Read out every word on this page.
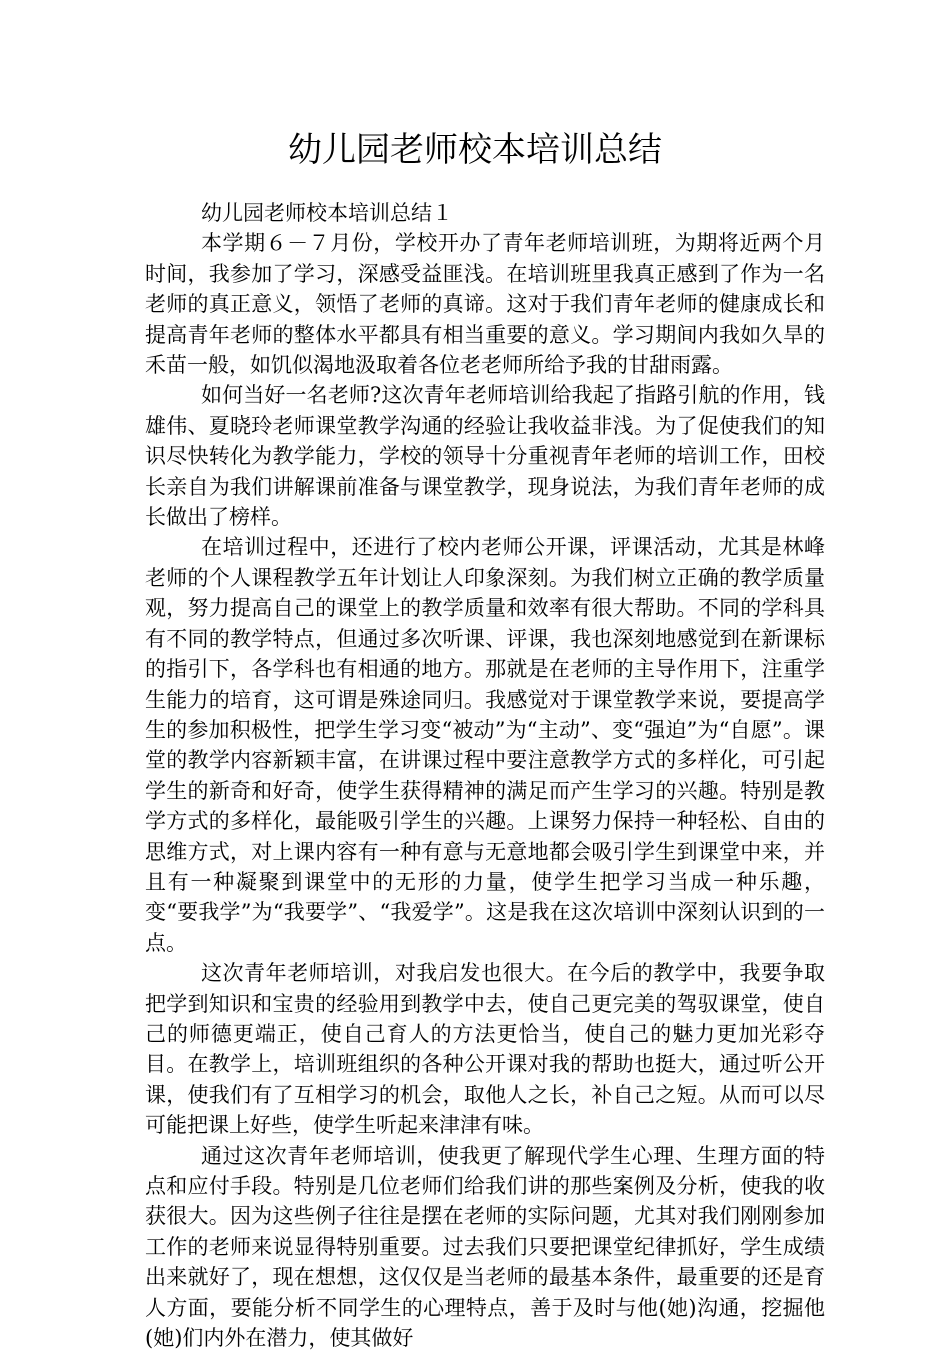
幼儿园老师校本培训总结
幼儿园老师校本培训总结１

本学期６－７月份，学校开办了青年老师培训班，为期将近两个月时间，我参加了学习，深感受益匪浅。在培训班里我真正感到了作为一名老师的真正意义，领悟了老师的真谛。这对于我们青年老师的健康成长和提高青年老师的整体水平都具有相当重要的意义。学习期间内我如久旱的禾苗一般，如饥似渴地汲取着各位老老师所给予我的甘甜雨露。

如何当好一名老师?这次青年老师培训给我起了指路引航的作用，钱雄伟、夏晓玲老师课堂教学沟通的经验让我收益非浅。为了促使我们的知识尽快转化为教学能力，学校的领导十分重视青年老师的培训工作，田校长亲自为我们讲解课前准备与课堂教学，现身说法，为我们青年老师的成长做出了榜样。

在培训过程中，还进行了校内老师公开课，评课活动，尤其是林峰老师的个人课程教学五年计划让人印象深刻。为我们树立正确的教学质量观，努力提高自己的课堂上的教学质量和效率有很大帮助。不同的学科具有不同的教学特点，但通过多次听课、评课，我也深刻地感觉到在新课标的指引下，各学科也有相通的地方。那就是在老师的主导作用下，注重学生能力的培育，这可谓是殊途同归。我感觉对于课堂教学来说，要提高学生的参加积极性，把学生学习变“被动”为“主动”、变“强迫”为“自愿”。课堂的教学内容新颖丰富，在讲课过程中要注意教学方式的多样化，可引起学生的新奇和好奇，使学生获得精神的满足而产生学习的兴趣。特别是教学方式的多样化，最能吸引学生的兴趣。上课努力保持一种轻松、自由的思维方式，对上课内容有一种有意与无意地都会吸引学生到课堂中来，并且有一种凝聚到课堂中的无形的力量，使学生把学习当成一种乐趣，变“要我学”为“我要学”、“我爱学”。这是我在这次培训中深刻认识到的一点。

这次青年老师培训，对我启发也很大。在今后的教学中，我要争取把学到知识和宝贵的经验用到教学中去，使自己更完美的驾驭课堂，使自己的师德更端正，使自己育人的方法更恰当，使自己的魅力更加光彩夺目。在教学上，培训班组织的各种公开课对我的帮助也挺大，通过听公开课，使我们有了互相学习的机会，取他人之长，补自己之短。从而可以尽可能把课上好些，使学生听起来津津有味。

通过这次青年老师培训，使我更了解现代学生心理、生理方面的特点和应付手段。特别是几位老师们给我们讲的那些案例及分析，使我的收获很大。因为这些例子往往是摆在老师的实际问题，尤其对我们刚刚参加工作的老师来说显得特别重要。过去我们只要把课堂纪律抓好，学生成绩出来就好了，现在想想，这仅仅是当老师的最基本条件，最重要的还是育人方面，要能分析不同学生的心理特点，善于及时与他(她)沟通，挖掘他(她)们内外在潜力，使其做好
